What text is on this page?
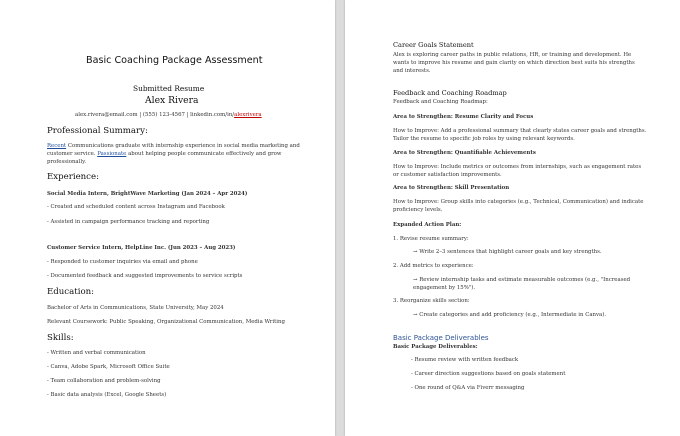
Basic Coaching Package Assessment
Submitted Resume
Alex Rivera
alex.rivera@email.com | (555) 123-4567 | linkedin.com/in/alexrivera
Professional Summary:
Recent Communications graduate with internship experience in social media marketing and
customer service. Passionate about helping people communicate effectively and grow
professionally.
Experience:
Social Media Intern, BrightWave Marketing (Jan 2024 – Apr 2024)
- Created and scheduled content across Instagram and Facebook
- Assisted in campaign performance tracking and reporting
Customer Service Intern, HelpLine Inc. (Jun 2023 – Aug 2023)
- Responded to customer inquiries via email and phone
- Documented feedback and suggested improvements to service scripts
Education:
Bachelor of Arts in Communications, State University, May 2024
Relevant Coursework: Public Speaking, Organizational Communication, Media Writing
Skills:
- Written and verbal communication
- Canva, Adobe Spark, Microsoft Office Suite
- Team collaboration and problem-solving
- Basic data analysis (Excel, Google Sheets)
Career Goals Statement
Alex is exploring career paths in public relations, HR, or training and development. He
wants to improve his resume and gain clarity on which direction best suits his strengths
and interests.
Feedback and Coaching Roadmap
Feedback and Coaching Roadmap:
Area to Strengthen: Resume Clarity and Focus
How to Improve: Add a professional summary that clearly states career goals and strengths.
Tailor the resume to specific job roles by using relevant keywords.
Area to Strengthen: Quantifiable Achievements
How to Improve: Include metrics or outcomes from internships, such as engagement rates
or customer satisfaction improvements.
Area to Strengthen: Skill Presentation
How to Improve: Group skills into categories (e.g., Technical, Communication) and indicate
proficiency levels.
Expanded Action Plan:
1. Revise resume summary:
→ Write 2–3 sentences that highlight career goals and key strengths.
2. Add metrics to experience:
→ Review internship tasks and estimate measurable outcomes (e.g., "Increased
engagement by 15%").
3. Reorganize skills section:
→ Create categories and add proficiency (e.g., Intermediate in Canva).
Basic Package Deliverables
Basic Package Deliverables:
- Resume review with written feedback
- Career direction suggestions based on goals statement
- One round of Q&A via Fiverr messaging
